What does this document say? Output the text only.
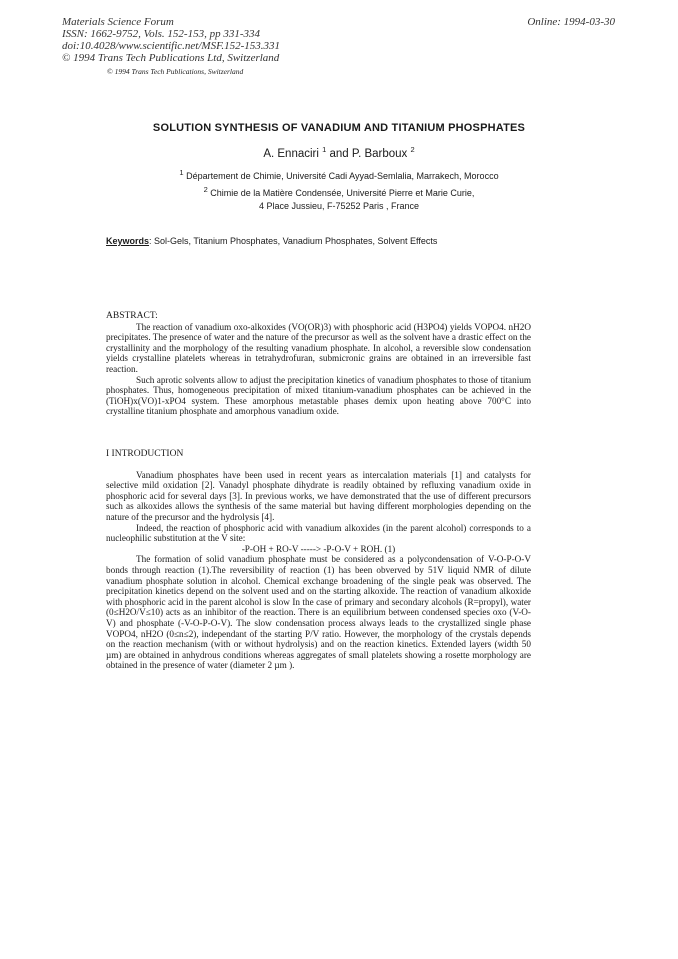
Materials Science Forum
ISSN: 1662-9752, Vols. 152-153, pp 331-334
doi:10.4028/www.scientific.net/MSF.152-153.331
© 1994 Trans Tech Publications Ltd, Switzerland
Online: 1994-03-30
© 1994 Trans Tech Publications, Switzerland
SOLUTION SYNTHESIS OF VANADIUM AND TITANIUM PHOSPHATES
A. Ennaciri $^1$ and P. Barboux $^2$
$^1$ Département de Chimie, Université Cadi Ayyad-Semlalia, Marrakech, Morocco
$^2$ Chimie de la Matière Condensée, Université Pierre et Marie Curie,
4 Place Jussieu, F-75252 Paris , France
Keywords: Sol-Gels, Titanium Phosphates, Vanadium Phosphates, Solvent Effects
ABSTRACT:

The reaction of vanadium oxo-alkoxides (VO(OR)3) with phosphoric acid (H3PO4) yields VOPO4. nH2O precipitates. The presence of water and the nature of the precursor as well as the solvent have a drastic effect on the crystallinity and the morphology of the resulting vanadium phosphate. In alcohol, a reversible slow condensation yields crystalline platelets whereas in tetrahydrofuran, submicronic grains are obtained in an irreversible fast reaction.

Such aprotic solvents allow to adjust the precipitation kinetics of vanadium phosphates to those of titanium phosphates. Thus, homogeneous precipitation of mixed titanium-vanadium phosphates can be achieved in the (TiOH)x(VO)1-xPO4 system. These amorphous metastable phases demix upon heating above 700°C into crystalline titanium phosphate and amorphous vanadium oxide.

I INTRODUCTION

Vanadium phosphates have been used in recent years as intercalation materials [1] and catalysts for selective mild oxidation [2]. Vanadyl phosphate dihydrate is readily obtained by refluxing vanadium oxide in phosphoric acid for several days [3]. In previous works, we have demonstrated that the use of different precursors such as alkoxides allows the synthesis of the same material but having different morphologies depending on the nature of the precursor and the hydrolysis [4].

Indeed, the reaction of phosphoric acid with vanadium alkoxides (in the parent alcohol) corresponds to a nucleophilic substitution at the V site:

-P-OH + RO-V -----> -P-O-V + ROH. (1)

The formation of solid vanadium phosphate must be considered as a polycondensation of V-O-P-O-V bonds through reaction (1).The reversibility of reaction (1) has been obverved by 51V liquid NMR of dilute vanadium phosphate solution in alcohol. Chemical exchange broadening of the single peak was observed. The precipitation kinetics depend on the solvent used and on the starting alkoxide. The reaction of vanadium alkoxide with phosphoric acid in the parent alcohol is slow In the case of primary and secondary alcohols (R=propyl), water (0≤H2O/V≤10) acts as an inhibitor of the reaction. There is an equilibrium between condensed species oxo (V-O-V) and phosphate (-V-O-P-O-V). The slow condensation process always leads to the crystallized single phase VOPO4, nH2O (0≤n≤2), independant of the starting P/V ratio. However, the morphology of the crystals depends on the reaction mechanism (with or without hydrolysis) and on the reaction kinetics. Extended layers (width 50 µm) are obtained in anhydrous conditions whereas aggregates of small platelets showing a rosette morphology are obtained in the presence of water (diameter 2 µm ).
